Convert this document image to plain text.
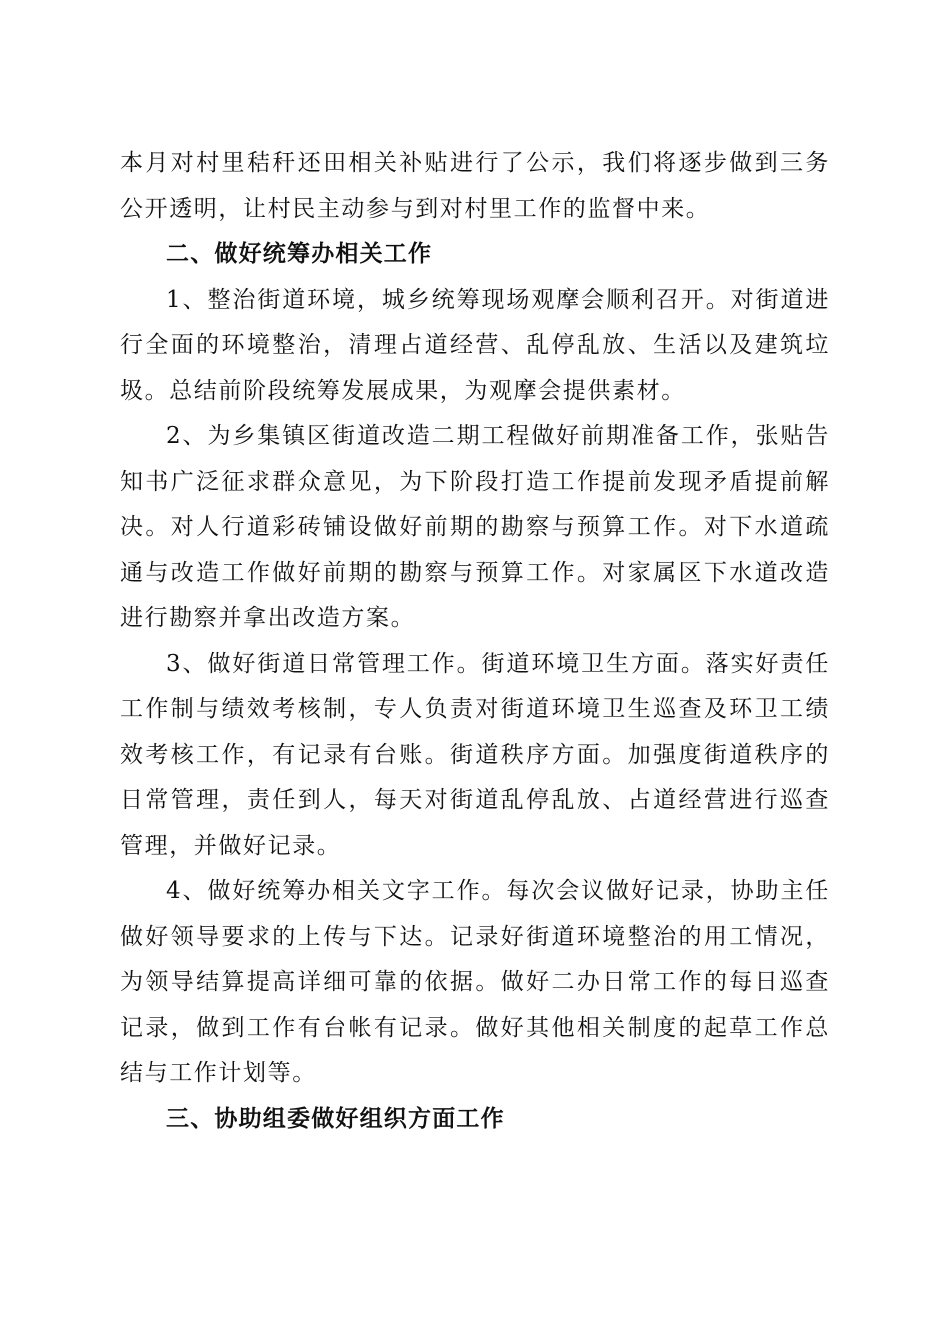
本月对村里秸秆还田相关补贴进行了公示，我们将逐步做到三务公开透明，让村民主动参与到对村里工作的监督中来。

二、做好统筹办相关工作

1、整治街道环境，城乡统筹现场观摩会顺利召开。对街道进行全面的环境整治，清理占道经营、乱停乱放、生活以及建筑垃圾。总结前阶段统筹发展成果，为观摩会提供素材。

2、为乡集镇区街道改造二期工程做好前期准备工作，张贴告知书广泛征求群众意见，为下阶段打造工作提前发现矛盾提前解决。对人行道彩砖铺设做好前期的勘察与预算工作。对下水道疏通与改造工作做好前期的勘察与预算工作。对家属区下水道改造进行勘察并拿出改造方案。

3、做好街道日常管理工作。街道环境卫生方面。落实好责任工作制与绩效考核制，专人负责对街道环境卫生巡查及环卫工绩效考核工作，有记录有台账。街道秩序方面。加强度街道秩序的日常管理，责任到人，每天对街道乱停乱放、占道经营进行巡查管理，并做好记录。

4、做好统筹办相关文字工作。每次会议做好记录，协助主任做好领导要求的上传与下达。记录好街道环境整治的用工情况，为领导结算提高详细可靠的依据。做好二办日常工作的每日巡查记录，做到工作有台帐有记录。做好其他相关制度的起草工作总结与工作计划等。

三、协助组委做好组织方面工作
